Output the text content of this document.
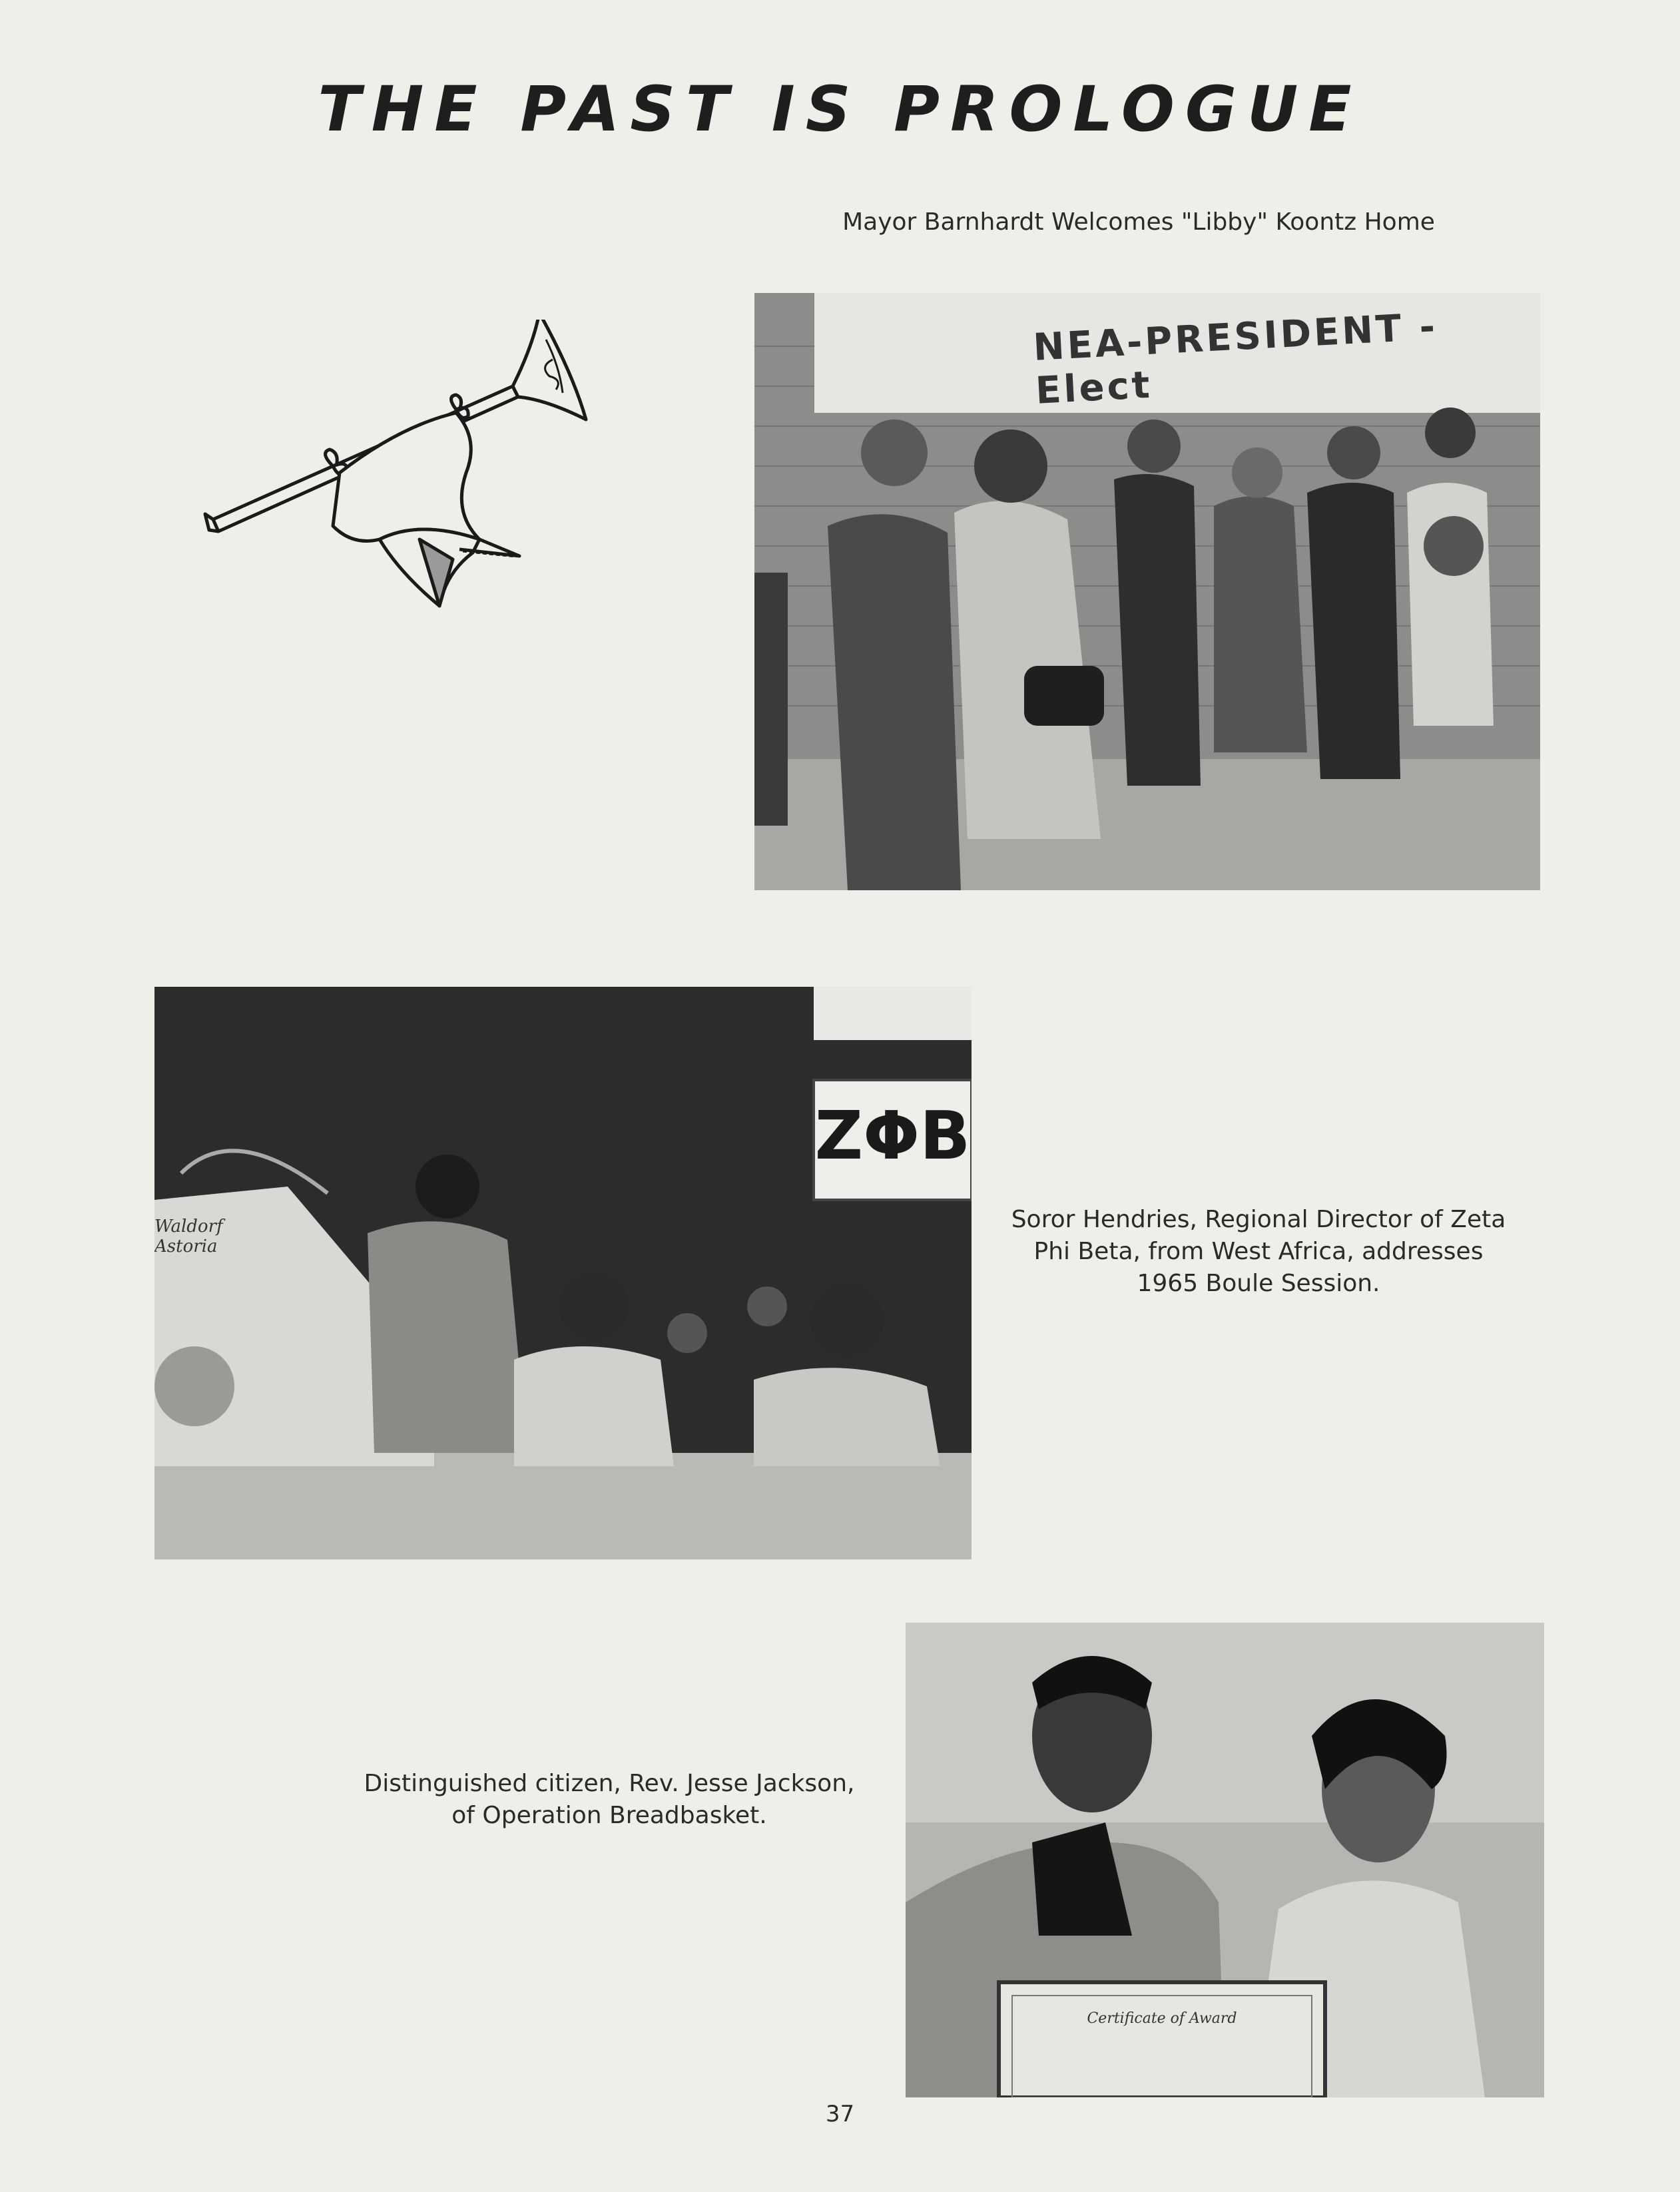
THE PAST IS PROLOGUE
Mayor Barnhardt Welcomes "Libby" Koontz Home
NEA-PRESIDENT -Elect
ZΦB
Waldorf Astoria
Soror Hendries, Regional Director of Zeta
Phi Beta, from West Africa, addresses
1965 Boule Session.
Distinguished citizen, Rev. Jesse Jackson,
of Operation Breadbasket.
Certificate of Award
37
